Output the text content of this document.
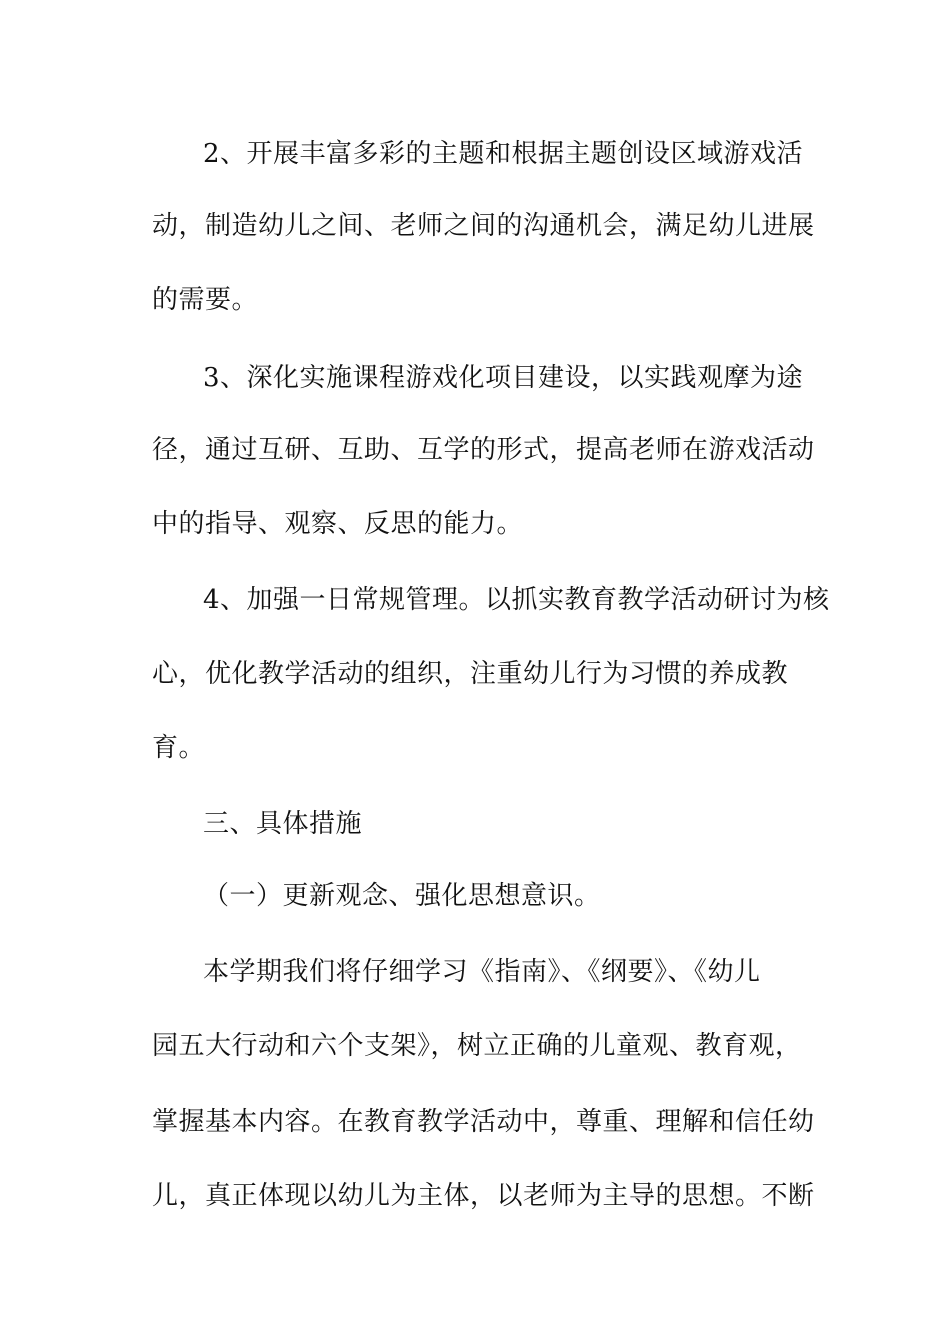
2、开展丰富多彩的主题和根据主题创设区域游戏活
动，制造幼儿之间、老师之间的沟通机会，满足幼儿进展
的需要。
3、深化实施课程游戏化项目建设，以实践观摩为途
径，通过互研、互助、互学的形式，提高老师在游戏活动
中的指导、观察、反思的能力。
4、加强一日常规管理。以抓实教育教学活动研讨为核
心，优化教学活动的组织，注重幼儿行为习惯的养成教
育。
三、具体措施
（一）更新观念、强化思想意识。
本学期我们将仔细学习《指南》、《纲要》、《幼儿
园五大行动和六个支架》，树立正确的儿童观、教育观，
掌握基本内容。在教育教学活动中，尊重、理解和信任幼
儿，真正体现以幼儿为主体，以老师为主导的思想。不断
